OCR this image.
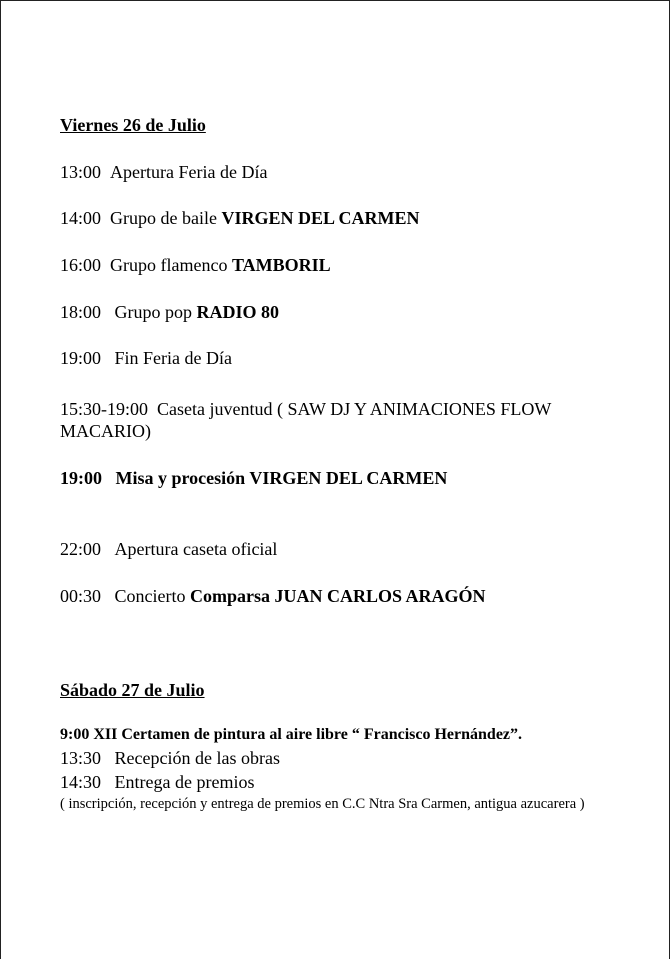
Viernes 26 de Julio
13:00 Apertura Feria de Día
14:00 Grupo de baile VIRGEN DEL CARMEN
16:00 Grupo flamenco TAMBORIL
18:00 Grupo pop RADIO 80
19:00 Fin Feria de Día
15:30-19:00 Caseta juventud ( SAW DJ Y ANIMACIONES FLOW MACARIO)
19:00 Misa y procesión VIRGEN DEL CARMEN
22:00 Apertura caseta oficial
00:30 Concierto Comparsa JUAN CARLOS ARAGÓN
Sábado 27 de Julio
9:00 XII Certamen de pintura al aire libre “ Francisco Hernández”.
13:30 Recepción de las obras
14:30 Entrega de premios
( inscripción, recepción y entrega de premios en C.C Ntra Sra Carmen, antigua azucarera )
